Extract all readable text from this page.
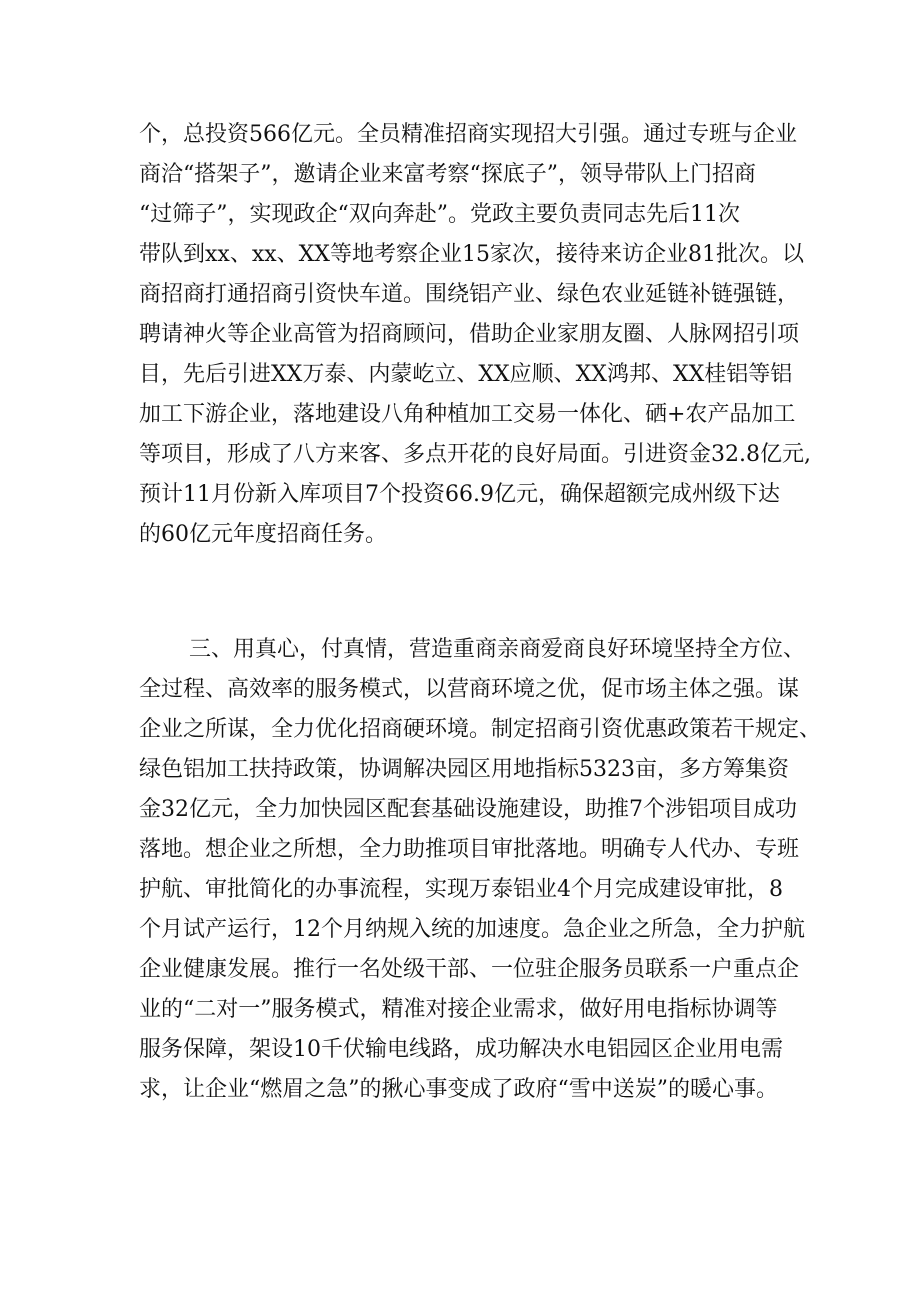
个，总投资566亿元。全员精准招商实现招大引强。通过专班与企业
商洽“搭架子”，邀请企业来富考察“探底子”，领导带队上门招商
“过筛子”，实现政企“双向奔赴”。党政主要负责同志先后11次
带队到xx、xx、XX等地考察企业15家次，接待来访企业81批次。以
商招商打通招商引资快车道。围绕铝产业、绿色农业延链补链强链，
聘请神火等企业高管为招商顾问，借助企业家朋友圈、人脉网招引项
目，先后引进XX万泰、内蒙屹立、XX应顺、XX鸿邦、XX桂铝等铝
加工下游企业，落地建设八角种植加工交易一体化、硒+农产品加工
等项目，形成了八方来客、多点开花的良好局面。引进资金32.8亿元,
预计11月份新入库项目7个投资66.9亿元，确保超额完成州级下达
的60亿元年度招商任务。
三、用真心，付真情，营造重商亲商爱商良好环境坚持全方位、
全过程、高效率的服务模式，以营商环境之优，促市场主体之强。谋
企业之所谋，全力优化招商硬环境。制定招商引资优惠政策若干规定、
绿色铝加工扶持政策，协调解决园区用地指标5323亩，多方筹集资
金32亿元，全力加快园区配套基础设施建设，助推7个涉铝项目成功
落地。想企业之所想，全力助推项目审批落地。明确专人代办、专班
护航、审批简化的办事流程，实现万泰铝业4个月完成建设审批，8
个月试产运行，12个月纳规入统的加速度。急企业之所急，全力护航
企业健康发展。推行一名处级干部、一位驻企服务员联系一户重点企
业的“二对一”服务模式，精准对接企业需求，做好用电指标协调等
服务保障，架设10千伏输电线路，成功解决水电铝园区企业用电需
求，让企业“燃眉之急”的揪心事变成了政府“雪中送炭”的暖心事。
